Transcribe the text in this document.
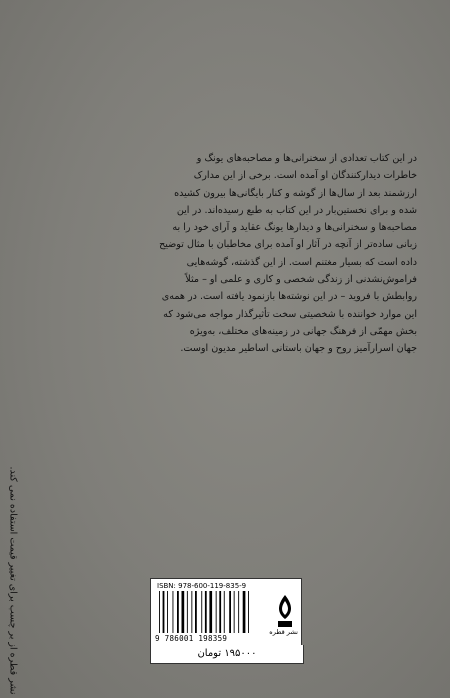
در این کتاب تعدادی از سخنرانی‌ها و مصاحبه‌های یونگ و
خاطرات دیدارکنندگان او آمده است. برخی از این مدارک
ارزشمند بعد از سال‌ها از گوشه و کنار بایگانی‌ها بیرون کشیده
شده و برای نخستین‌بار در این کتاب به طبع رسیده‌اند. در این
مصاحبه‌ها و سخنرانی‌ها و دیدارها یونگ عقاید و آرای خود را به
زبانی ساده‌تر از آنچه در آثار او آمده برای مخاطبان با مثال توضیح
داده است که بسیار مغتنم است. از این گذشته، گوشه‌هایی
فراموش‌نشدنی از زندگی شخصی و کاری و علمی او – مثلاً
روابطش با فروید – در این نوشته‌ها بازنمود یافته است. در همه‌ی
این موارد خواننده با شخصیتی سخت تأثیرگذار مواجه می‌شود که
بخش مهمّی از فرهنگ جهانی در زمینه‌های مختلف، به‌ویژه
جهان اسرارآمیز روح و جهان باستانی اساطیر مدیون اوست.
نشر قطره از بر چسب برای تغییر قیمت استفاده نمی کند.	ISBN: 978-600-119-835-9
9 786001 198359
نشر قطره
۱۹۵۰۰۰ تومان
